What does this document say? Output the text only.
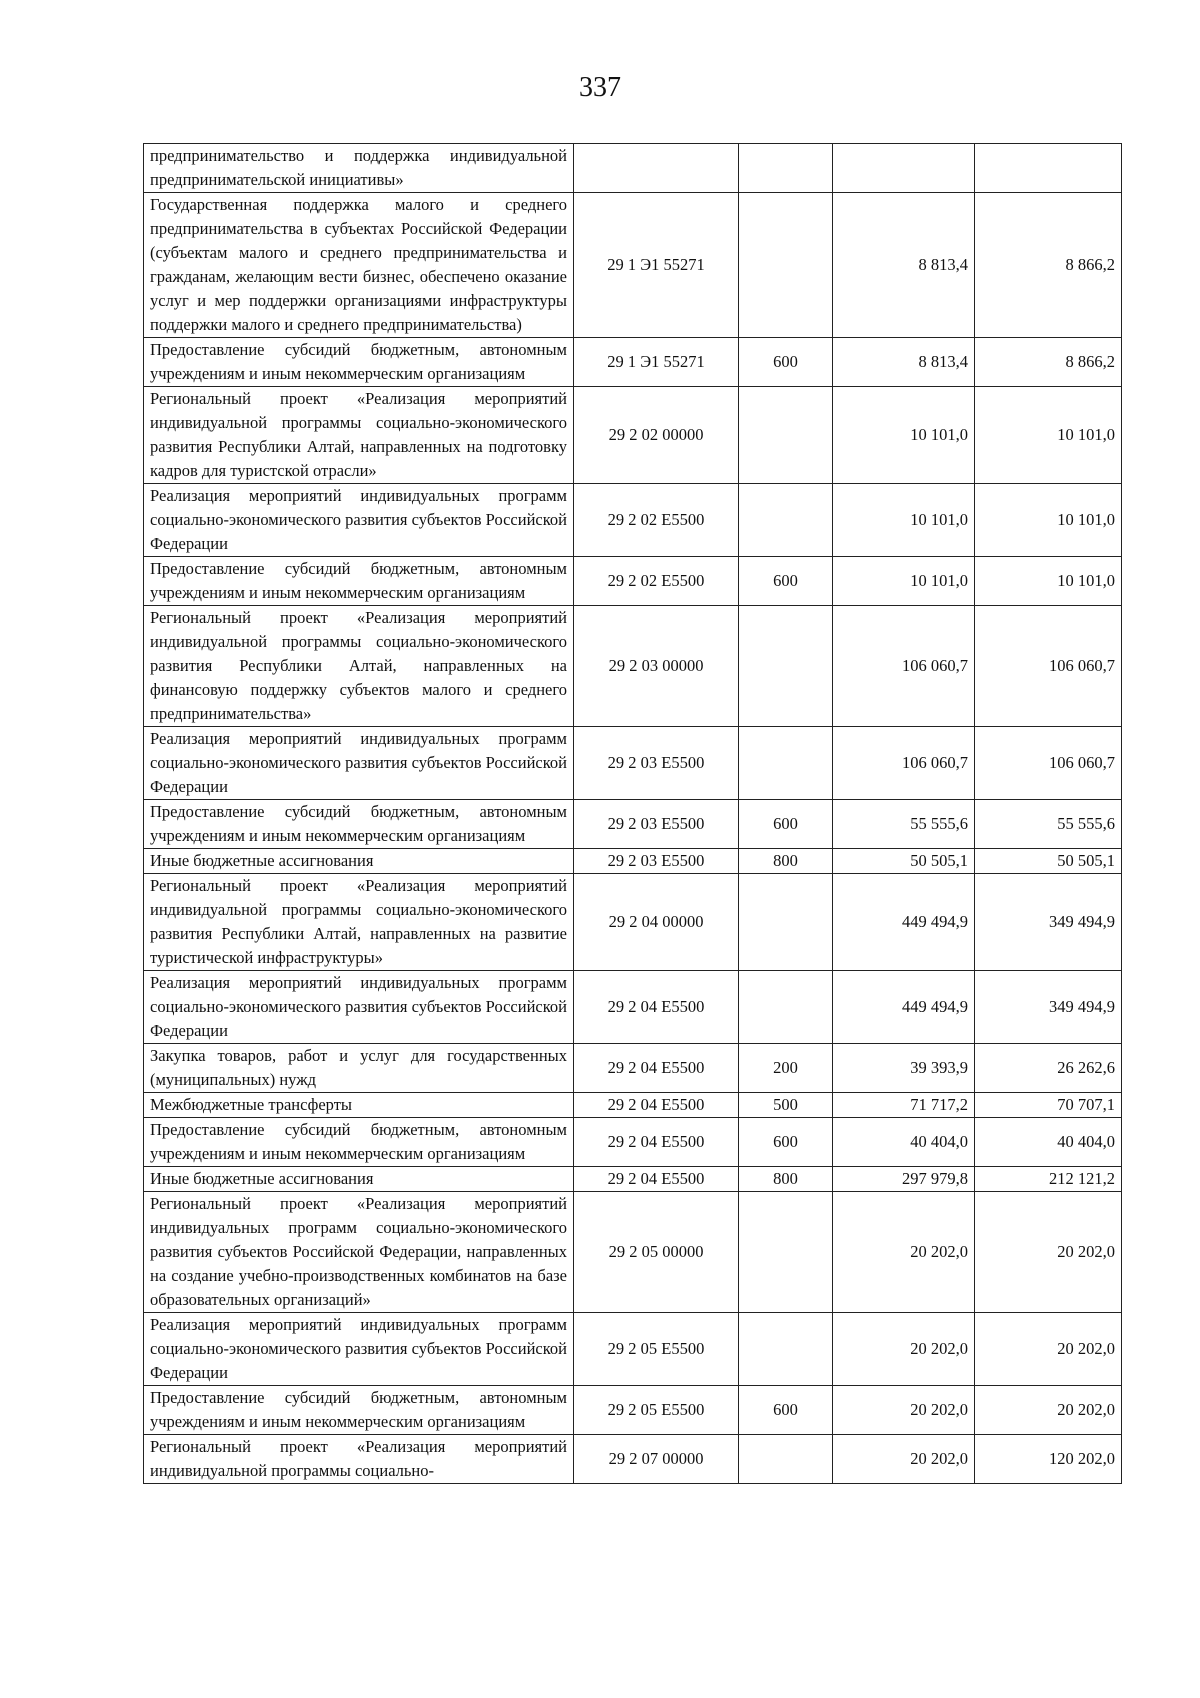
337
предпринимательство и поддержка индивидуальной предпринимательской инициативы»				
Государственная поддержка малого и среднего предпринимательства в субъектах Российской Федерации (субъектам малого и среднего предпринимательства и гражданам, желающим вести бизнес, обеспечено оказание услуг и мер поддержки организациями инфраструктуры поддержки малого и среднего предпринимательства)	29 1 Э1 55271		8 813,4	8 866,2
Предоставление субсидий бюджетным, автономным учреждениям и иным некоммерческим организациям	29 1 Э1 55271	600	8 813,4	8 866,2
Региональный проект «Реализация мероприятий индивидуальной программы социально-экономического развития Республики Алтай, направленных на подготовку кадров для туристской отрасли»	29 2 02 00000		10 101,0	10 101,0
Реализация мероприятий индивидуальных программ социально-экономического развития субъектов Российской Федерации	29 2 02 Е5500		10 101,0	10 101,0
Предоставление субсидий бюджетным, автономным учреждениям и иным некоммерческим организациям	29 2 02 Е5500	600	10 101,0	10 101,0
Региональный проект «Реализация мероприятий индивидуальной программы социально-экономического развития Республики Алтай, направленных на финансовую поддержку субъектов малого и среднего предпринимательства»	29 2 03 00000		106 060,7	106 060,7
Реализация мероприятий индивидуальных программ социально-экономического развития субъектов Российской Федерации	29 2 03 Е5500		106 060,7	106 060,7
Предоставление субсидий бюджетным, автономным учреждениям и иным некоммерческим организациям	29 2 03 Е5500	600	55 555,6	55 555,6
Иные бюджетные ассигнования	29 2 03 Е5500	800	50 505,1	50 505,1
Региональный проект «Реализация мероприятий индивидуальной программы социально-экономического развития Республики Алтай, направленных на развитие туристической инфраструктуры»	29 2 04 00000		449 494,9	349 494,9
Реализация мероприятий индивидуальных программ социально-экономического развития субъектов Российской Федерации	29 2 04 Е5500		449 494,9	349 494,9
Закупка товаров, работ и услуг для государственных (муниципальных) нужд	29 2 04 Е5500	200	39 393,9	26 262,6
Межбюджетные трансферты	29 2 04 Е5500	500	71 717,2	70 707,1
Предоставление субсидий бюджетным, автономным учреждениям и иным некоммерческим организациям	29 2 04 Е5500	600	40 404,0	40 404,0
Иные бюджетные ассигнования	29 2 04 Е5500	800	297 979,8	212 121,2
Региональный проект «Реализация мероприятий индивидуальных программ социально-экономического развития субъектов Российской Федерации, направленных на создание учебно-производственных комбинатов на базе образовательных организаций»	29 2 05 00000		20 202,0	20 202,0
Реализация мероприятий индивидуальных программ социально-экономического развития субъектов Российской Федерации	29 2 05 Е5500		20 202,0	20 202,0
Предоставление субсидий бюджетным, автономным учреждениям и иным некоммерческим организациям	29 2 05 Е5500	600	20 202,0	20 202,0
Региональный проект «Реализация мероприятий индивидуальной программы социально-	29 2 07 00000		20 202,0	120 202,0
